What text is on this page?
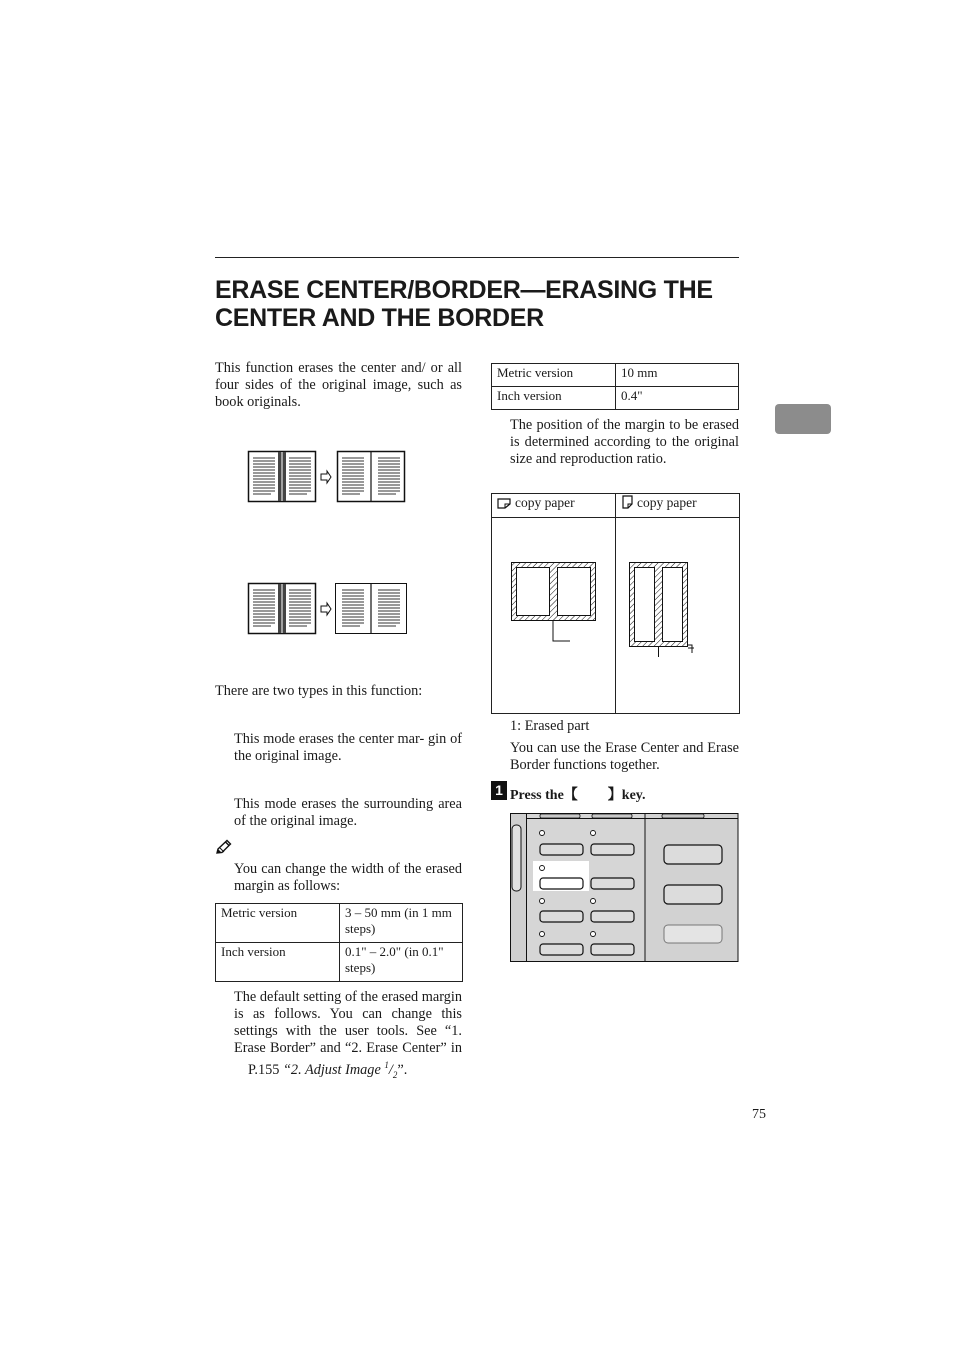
ERASE CENTER/BORDER—ERASING THE
CENTER AND THE BORDER
This function erases the center and/ or all four sides of the original image, such as book originals.
There are two types in this function:
This mode erases the center mar- gin of the original image.
This mode erases the surrounding area of the original image.
You can change the width of the erased margin as follows:
Metric version	3 – 50 mm (in 1 mm steps)
Inch version	0.1" – 2.0" (in 0.1" steps)
The default setting of the erased margin is as follows. You can change this settings with the user tools. See “1. Erase Border” and “2. Erase Center” in P.155 “2. Adjust Image $^1/_2$”.
Metric version	10 mm
Inch version	0.4"
The position of the margin to be erased is determined according to the original size and reproduction ratio.
copy paper	copy paper
1: Erased part
You can use the Erase Center and Erase Border functions together.
1 Press the【 】key.
75
